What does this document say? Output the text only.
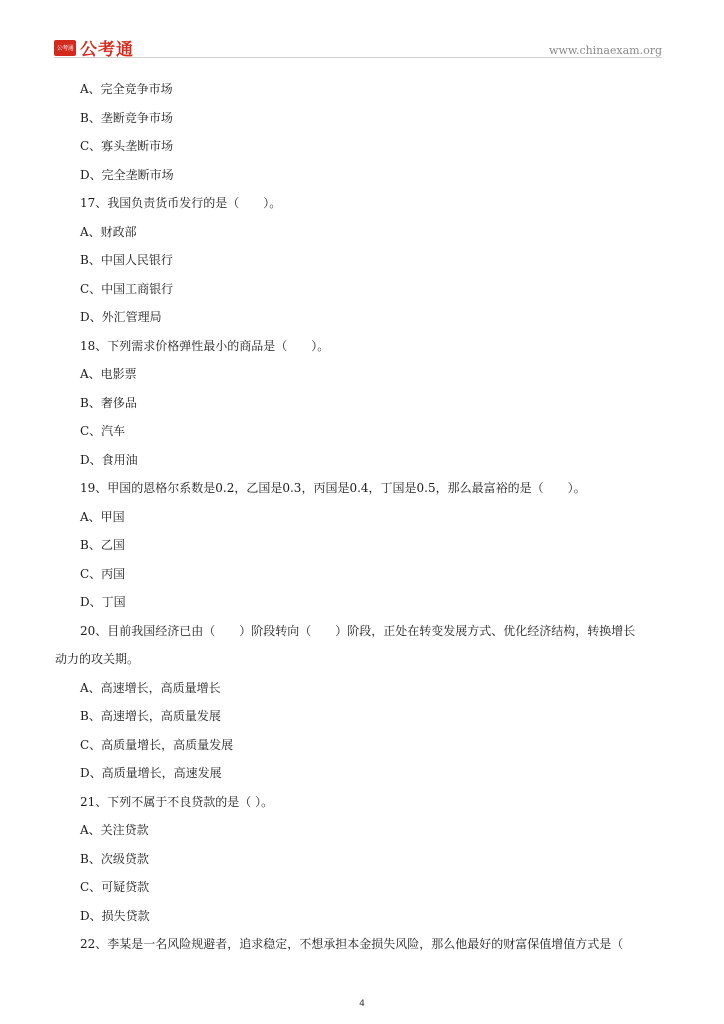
公考通 公考通	www.chinaexam.org
A、完全竞争市场
B、垄断竞争市场
C、寡头垄断市场
D、完全垄断市场
17、我国负责货币发行的是（　　）。
A、财政部
B、中国人民银行
C、中国工商银行
D、外汇管理局
18、下列需求价格弹性最小的商品是（　　）。
A、电影票
B、奢侈品
C、汽车
D、食用油
19、甲国的恩格尔系数是0.2，乙国是0.3，丙国是0.4，丁国是0.5，那么最富裕的是（　　）。
A、甲国
B、乙国
C、丙国
D、丁国
20、目前我国经济已由（　　）阶段转向（　　）阶段，正处在转变发展方式、优化经济结构，转换增长
动力的攻关期。
A、高速增长，高质量增长
B、高速增长，高质量发展
C、高质量增长，高质量发展
D、高质量增长，高速发展
21、下列不属于不良贷款的是（ ）。
A、关注贷款
B、次级贷款
C、可疑贷款
D、损失贷款
22、李某是一名风险规避者，追求稳定，不想承担本金损失风险，那么他最好的财富保值增值方式是（
4
